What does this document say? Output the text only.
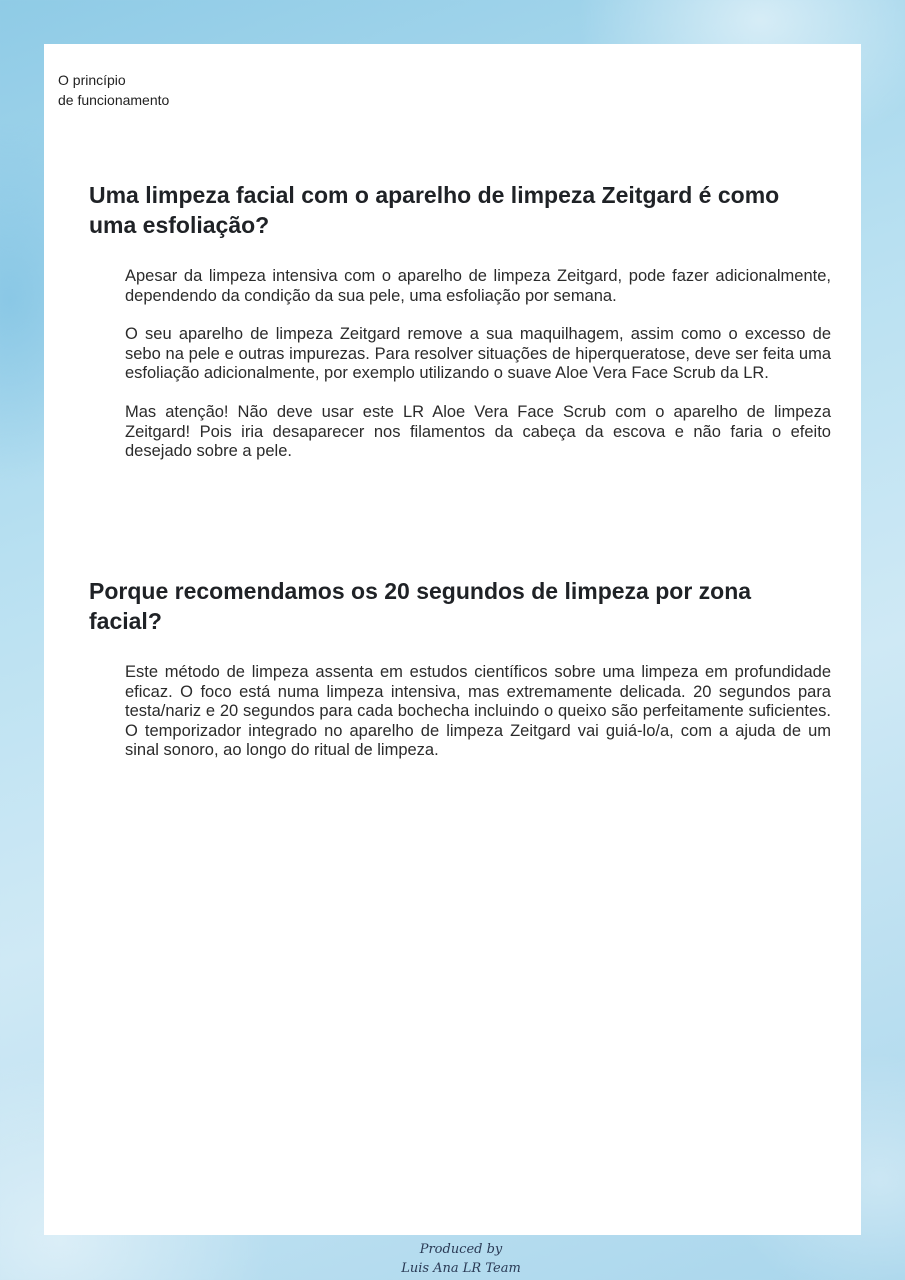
O princípio
de funcionamento
Uma limpeza facial com o aparelho de limpeza Zeitgard é como uma esfoliação?

Apesar da limpeza intensiva com o aparelho de limpeza Zeitgard, pode fazer adicionalmente, dependendo da condição da sua pele, uma esfoliação por semana.

O seu aparelho de limpeza Zeitgard remove a sua maquilhagem, assim como o excesso de sebo na pele e outras impurezas. Para resolver situações de hiperqueratose, deve ser feita uma esfoliação adicionalmente, por exemplo utilizando o suave Aloe Vera Face Scrub da LR.

Mas atenção! Não deve usar este LR Aloe Vera Face Scrub com o aparelho de limpeza Zeitgard! Pois iria desaparecer nos filamentos da cabeça da escova e não faria o efeito desejado sobre a pele.

Porque recomendamos os 20 segundos de limpeza por zona facial?

Este método de limpeza assenta em estudos científicos sobre uma limpeza em profundidade eficaz. O foco está numa limpeza intensiva, mas extremamente delicada. 20 segundos para testa/nariz e 20 segundos para cada bochecha incluindo o queixo são perfeitamente suficientes. O temporizador integrado no aparelho de limpeza Zeitgard vai guiá-lo/a, com a ajuda de um sinal sonoro, ao longo do ritual de limpeza.

Produced by
Luis Ana LR Team
